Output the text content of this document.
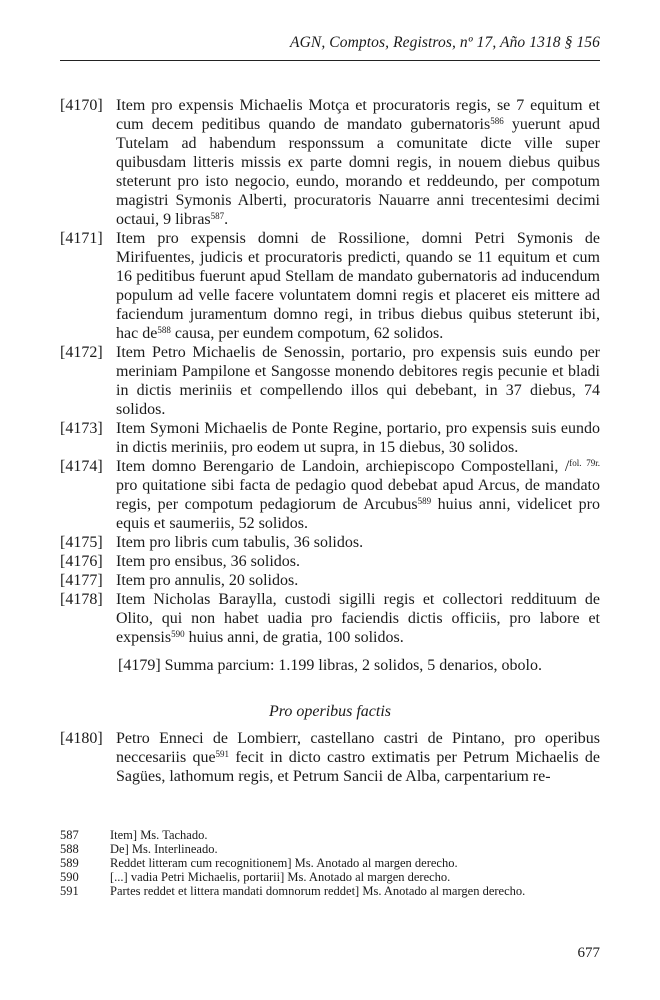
AGN, Comptos, Registros, nº 17, Año 1318 § 156
[4170] Item pro expensis Michaelis Motça et procuratoris regis, se 7 equitum et cum decem peditibus quando de mandato gubernatoris$^{586}$ yuerunt apud Tutelam ad habendum responssum a comunitate dicte ville super quibusdam litteris missis ex parte domni regis, in nouem diebus quibus steterunt pro isto negocio, eundo, morando et reddeundo, per compotum magistri Symonis Alberti, procuratoris Nauarre anni trecentesimi decimi octaui, 9 libras$^{587}$.
[4171] Item pro expensis domni de Rossilione, domni Petri Symonis de Mirifuentes, judicis et procuratoris predicti, quando se 11 equitum et cum 16 peditibus fuerunt apud Stellam de mandato gubernatoris ad inducendum populum ad velle facere voluntatem domni regis et placeret eis mittere ad faciendum juramentum domno regi, in tribus diebus quibus steterunt ibi, hac $de^{588}$ causa, per eundem compotum, 62 solidos.
[4172] Item Petro Michaelis de Senossin, portario, pro expensis suis eundo per meriniam Pampilone et Sangosse monendo debitores regis pecunie et bladi in dictis meriniis et compellendo illos qui debebant, in 37 diebus, 74 solidos.
[4173] Item Symoni Michaelis de Ponte Regine, portario, pro expensis suis eundo in dictis meriniis, pro eodem ut supra, in 15 diebus, 30 solidos.
[4174] Item domno Berengario de Landoin, archiepiscopo Compostellani, /$^{fol. 79r.}$ pro quitatione sibi facta de pedagio quod debebat apud Arcus, de mandato regis, per compotum pedagiorum de Arcubus$^{589}$ huius anni, videlicet pro equis et saumeriis, 52 solidos.
[4175] Item pro libris cum tabulis, 36 solidos.
[4176] Item pro ensibus, 36 solidos.
[4177] Item pro annulis, 20 solidos.
[4178] Item Nicholas Baraylla, custodi sigilli regis et collectori reddituum de Olito, qui non habet uadia pro faciendis dictis officiis, pro labore et expensis$^{590}$ huius anni, de gratia, 100 solidos.
[4179] Summa parcium: 1.199 libras, 2 solidos, 5 denarios, obolo.
Pro operibus factis
[4180] Petro Enneci de Lombierr, castellano castri de Pintano, pro operibus neccesariis que$^{591}$ fecit in dicto castro extimatis per Petrum Michaelis de Sagües, lathomum regis, et Petrum Sancii de Alba, carpentarium re-
587	Item] Ms. Tachado.
588	De] Ms. Interlineado.
589	Reddet litteram cum recognitionem] Ms. Anotado al margen derecho.
590	[...] vadia Petri Michaelis, portarii] Ms. Anotado al margen derecho.
591	Partes reddet et littera mandati domnorum reddet] Ms. Anotado al margen derecho.
677
